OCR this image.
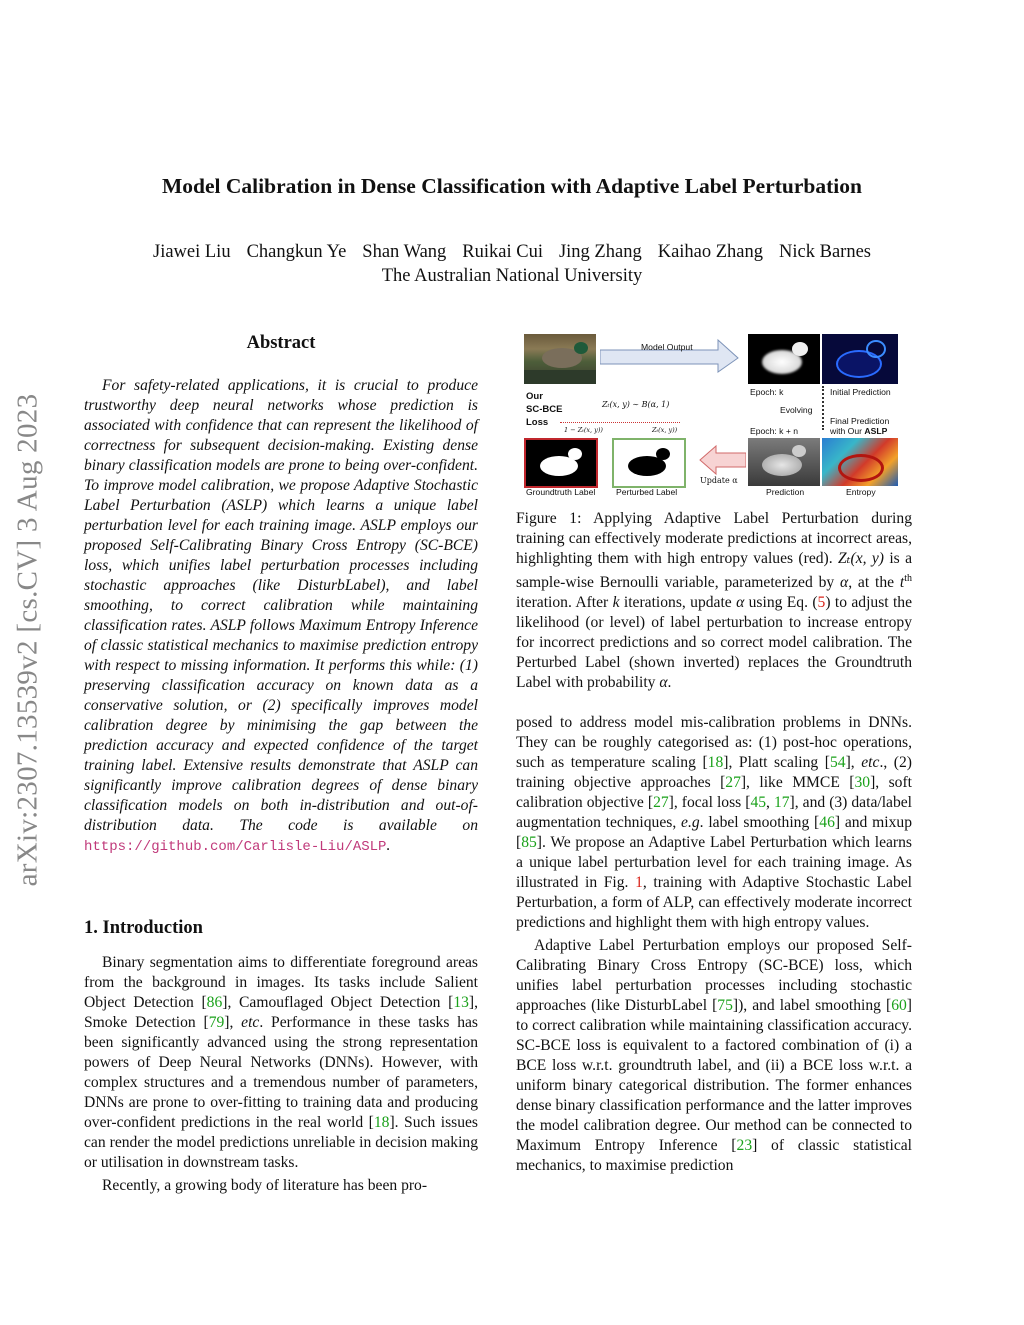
arXiv:2307.13539v2 [cs.CV] 3 Aug 2023
Model Calibration in Dense Classification with Adaptive Label Perturbation
Jiawei Liu Changkun Ye Shan Wang Ruikai Cui Jing Zhang Kaihao Zhang Nick Barnes
The Australian National University
Abstract

For safety-related applications, it is crucial to produce trustworthy deep neural networks whose prediction is associated with confidence that can represent the likelihood of correctness for subsequent decision-making. Existing dense binary classification models are prone to being over-confident. To improve model calibration, we propose Adaptive Stochastic Label Perturbation (ASLP) which learns a unique label perturbation level for each training image. ASLP employs our proposed Self-Calibrating Binary Cross Entropy (SC-BCE) loss, which unifies label perturbation processes including stochastic approaches (like DisturbLabel), and label smoothing, to correct calibration while maintaining classification rates. ASLP follows Maximum Entropy Inference of classic statistical mechanics to maximise prediction entropy with respect to missing information. It performs this while: (1) preserving classification accuracy on known data as a conservative solution, or (2) specifically improves model calibration degree by minimising the gap between the prediction accuracy and expected confidence of the target training label. Extensive results demonstrate that ASLP can significantly improve calibration degrees of dense binary classification models on both in-distribution and out-of-distribution data. The code is available on https://github.com/Carlisle-Liu/ASLP.

1. Introduction

Binary segmentation aims to differentiate foreground areas from the background in images. Its tasks include Salient Object Detection [86], Camouflaged Object Detection [13], Smoke Detection [79], etc. Performance in these tasks has been significantly advanced using the strong representation powers of Deep Neural Networks (DNNs). However, with complex structures and a tremendous number of parameters, DNNs are prone to over-fitting to training data and producing over-confident predictions in the real world [18]. Such issues can render the model predictions unreliable in decision making or utilisation in downstream tasks.

Recently, a growing body of literature has been pro-

Model Output
Epoch: k	Initial Prediction
Evolving
Final Prediction
with Our ASLP
Epoch: k + n
Our
SC-BCE
Loss
Zₜ(x, y) ∼ B(α, 1)
1 − Zₜ(x, y))	Zₜ(x, y))
Update α
Groundtruth Label Perturbed Label	Prediction	Entropy

Figure 1: Applying Adaptive Label Perturbation during training can effectively moderate predictions at incorrect areas, highlighting them with high entropy values (red). Zₜ(x, y) is a sample-wise Bernoulli variable, parameterized by α, at the $t^{th}$ iteration. After k iterations, update α using Eq. (5) to adjust the likelihood (or level) of label perturbation to increase entropy for incorrect predictions and so correct model calibration. The Perturbed Label (shown inverted) replaces the Groundtruth Label with probability α.

posed to address model mis-calibration problems in DNNs. They can be roughly categorised as: (1) post-hoc operations, such as temperature scaling [18], Platt scaling [54], etc., (2) training objective approaches [27], like MMCE [30], soft calibration objective [27], focal loss [45, 17], and (3) data/label augmentation techniques, e.g. label smoothing [46] and mixup [85]. We propose an Adaptive Label Perturbation which learns a unique label perturbation level for each training image. As illustrated in Fig. 1, training with Adaptive Stochastic Label Perturbation, a form of ALP, can effectively moderate incorrect predictions and highlight them with high entropy values.

Adaptive Label Perturbation employs our proposed Self-Calibrating Binary Cross Entropy (SC-BCE) loss, which unifies label perturbation processes including stochastic approaches (like DisturbLabel [75]), and label smoothing [60] to correct calibration while maintaining classification accuracy. SC-BCE loss is equivalent to a factored combination of (i) a BCE loss w.r.t. groundtruth label, and (ii) a BCE loss w.r.t. a uniform binary categorical distribution. The former enhances dense binary classification performance and the latter improves the model calibration degree. Our method can be connected to Maximum Entropy Inference [23] of classic statistical mechanics, to maximise prediction
